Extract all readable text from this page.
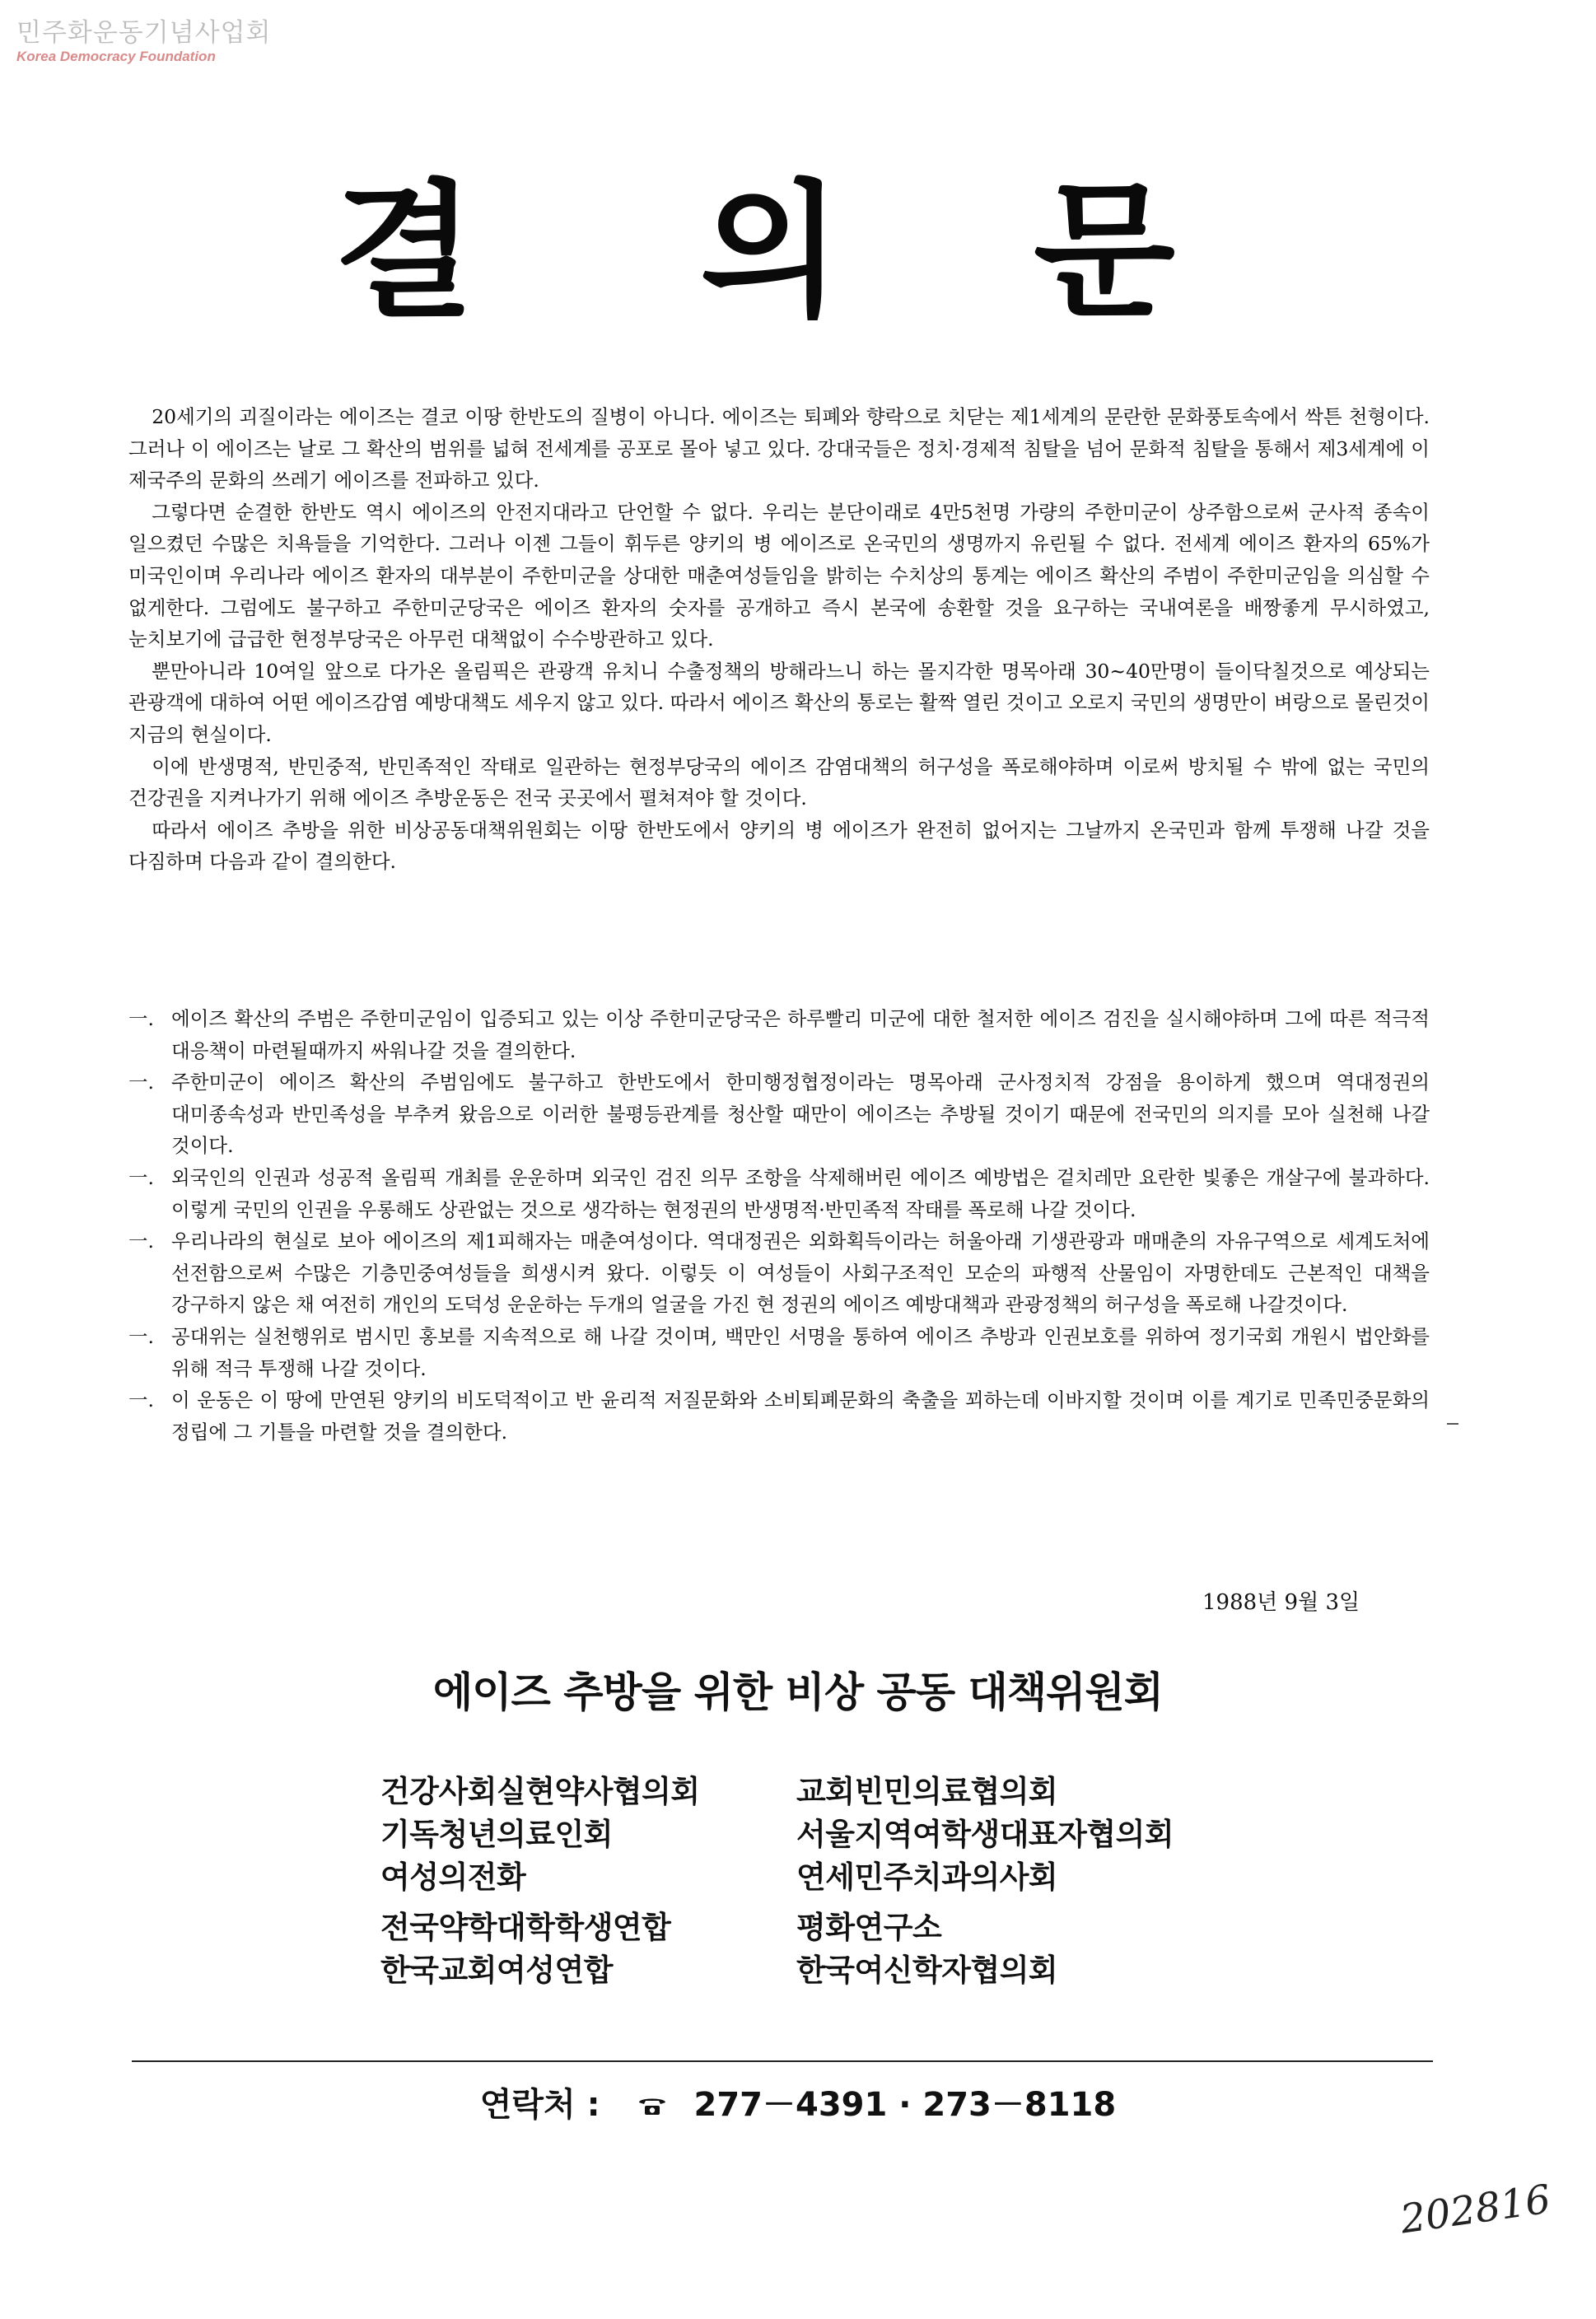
민주화운동기념사업회
Korea Democracy Foundation
결 의 문

20세기의 괴질이라는 에이즈는 결코 이땅 한반도의 질병이 아니다. 에이즈는 퇴폐와 향락으로 치닫는 제1세계의 문란한 문화풍토속에서 싹튼 천형이다. 그러나 이 에이즈는 날로 그 확산의 범위를 넓혀 전세계를 공포로 몰아 넣고 있다. 강대국들은 정치·경제적 침탈을 넘어 문화적 침탈을 통해서 제3세계에 이 제국주의 문화의 쓰레기 에이즈를 전파하고 있다.

그렇다면 순결한 한반도 역시 에이즈의 안전지대라고 단언할 수 없다. 우리는 분단이래로 4만5천명 가량의 주한미군이 상주함으로써 군사적 종속이 일으켰던 수많은 치욕들을 기억한다. 그러나 이젠 그들이 휘두른 양키의 병 에이즈로 온국민의 생명까지 유린될 수 없다. 전세계 에이즈 환자의 65%가 미국인이며 우리나라 에이즈 환자의 대부분이 주한미군을 상대한 매춘여성들임을 밝히는 수치상의 통계는 에이즈 확산의 주범이 주한미군임을 의심할 수 없게한다. 그럼에도 불구하고 주한미군당국은 에이즈 환자의 숫자를 공개하고 즉시 본국에 송환할 것을 요구하는 국내여론을 배짱좋게 무시하였고, 눈치보기에 급급한 현정부당국은 아무런 대책없이 수수방관하고 있다.

뿐만아니라 10여일 앞으로 다가온 올림픽은 관광객 유치니 수출정책의 방해라느니 하는 몰지각한 명목아래 30~40만명이 들이닥칠것으로 예상되는 관광객에 대하여 어떤 에이즈감염 예방대책도 세우지 않고 있다. 따라서 에이즈 확산의 통로는 활짝 열린 것이고 오로지 국민의 생명만이 벼랑으로 몰린것이 지금의 현실이다.

이에 반생명적, 반민중적, 반민족적인 작태로 일관하는 현정부당국의 에이즈 감염대책의 허구성을 폭로해야하며 이로써 방치될 수 밖에 없는 국민의 건강권을 지켜나가기 위해 에이즈 추방운동은 전국 곳곳에서 펼쳐져야 할 것이다.

따라서 에이즈 추방을 위한 비상공동대책위원회는 이땅 한반도에서 양키의 병 에이즈가 완전히 없어지는 그날까지 온국민과 함께 투쟁해 나갈 것을 다짐하며 다음과 같이 결의한다.

一. 에이즈 확산의 주범은 주한미군임이 입증되고 있는 이상 주한미군당국은 하루빨리 미군에 대한 철저한 에이즈 검진을 실시해야하며 그에 따른 적극적 대응책이 마련될때까지 싸워나갈 것을 결의한다.
一. 주한미군이 에이즈 확산의 주범임에도 불구하고 한반도에서 한미행정협정이라는 명목아래 군사정치적 강점을 용이하게 했으며 역대정권의 대미종속성과 반민족성을 부추켜 왔음으로 이러한 불평등관계를 청산할 때만이 에이즈는 추방될 것이기 때문에 전국민의 의지를 모아 실천해 나갈 것이다.
一. 외국인의 인권과 성공적 올림픽 개최를 운운하며 외국인 검진 의무 조항을 삭제해버린 에이즈 예방법은 겉치레만 요란한 빛좋은 개살구에 불과하다. 이렇게 국민의 인권을 우롱해도 상관없는 것으로 생각하는 현정권의 반생명적·반민족적 작태를 폭로해 나갈 것이다.
一. 우리나라의 현실로 보아 에이즈의 제1피해자는 매춘여성이다. 역대정권은 외화획득이라는 허울아래 기생관광과 매매춘의 자유구역으로 세계도처에 선전함으로써 수많은 기층민중여성들을 희생시켜 왔다. 이렇듯 이 여성들이 사회구조적인 모순의 파행적 산물임이 자명한데도 근본적인 대책을 강구하지 않은 채 여전히 개인의 도덕성 운운하는 두개의 얼굴을 가진 현 정권의 에이즈 예방대책과 관광정책의 허구성을 폭로해 나갈것이다.
一. 공대위는 실천행위로 범시민 홍보를 지속적으로 해 나갈 것이며, 백만인 서명을 통하여 에이즈 추방과 인권보호를 위하여 정기국회 개원시 법안화를 위해 적극 투쟁해 나갈 것이다.
一. 이 운동은 이 땅에 만연된 양키의 비도덕적이고 반 윤리적 저질문화와 소비퇴폐문화의 축출을 꾀하는데 이바지할 것이며 이를 계기로 민족민중문화의 정립에 그 기틀을 마련할 것을 결의한다.
1988년 9월 3일
에이즈 추방을 위한 비상 공동 대책위원회
건강사회실현약사협의회	교회빈민의료협의회
기독청년의료인회	서울지역여학생대표자협의회
여성의전화	연세민주치과의사회
전국약학대학학생연합	평화연구소
한국교회여성연합	한국여신학자협의회
연락처 :	277－4391 · 273－8118
202816
